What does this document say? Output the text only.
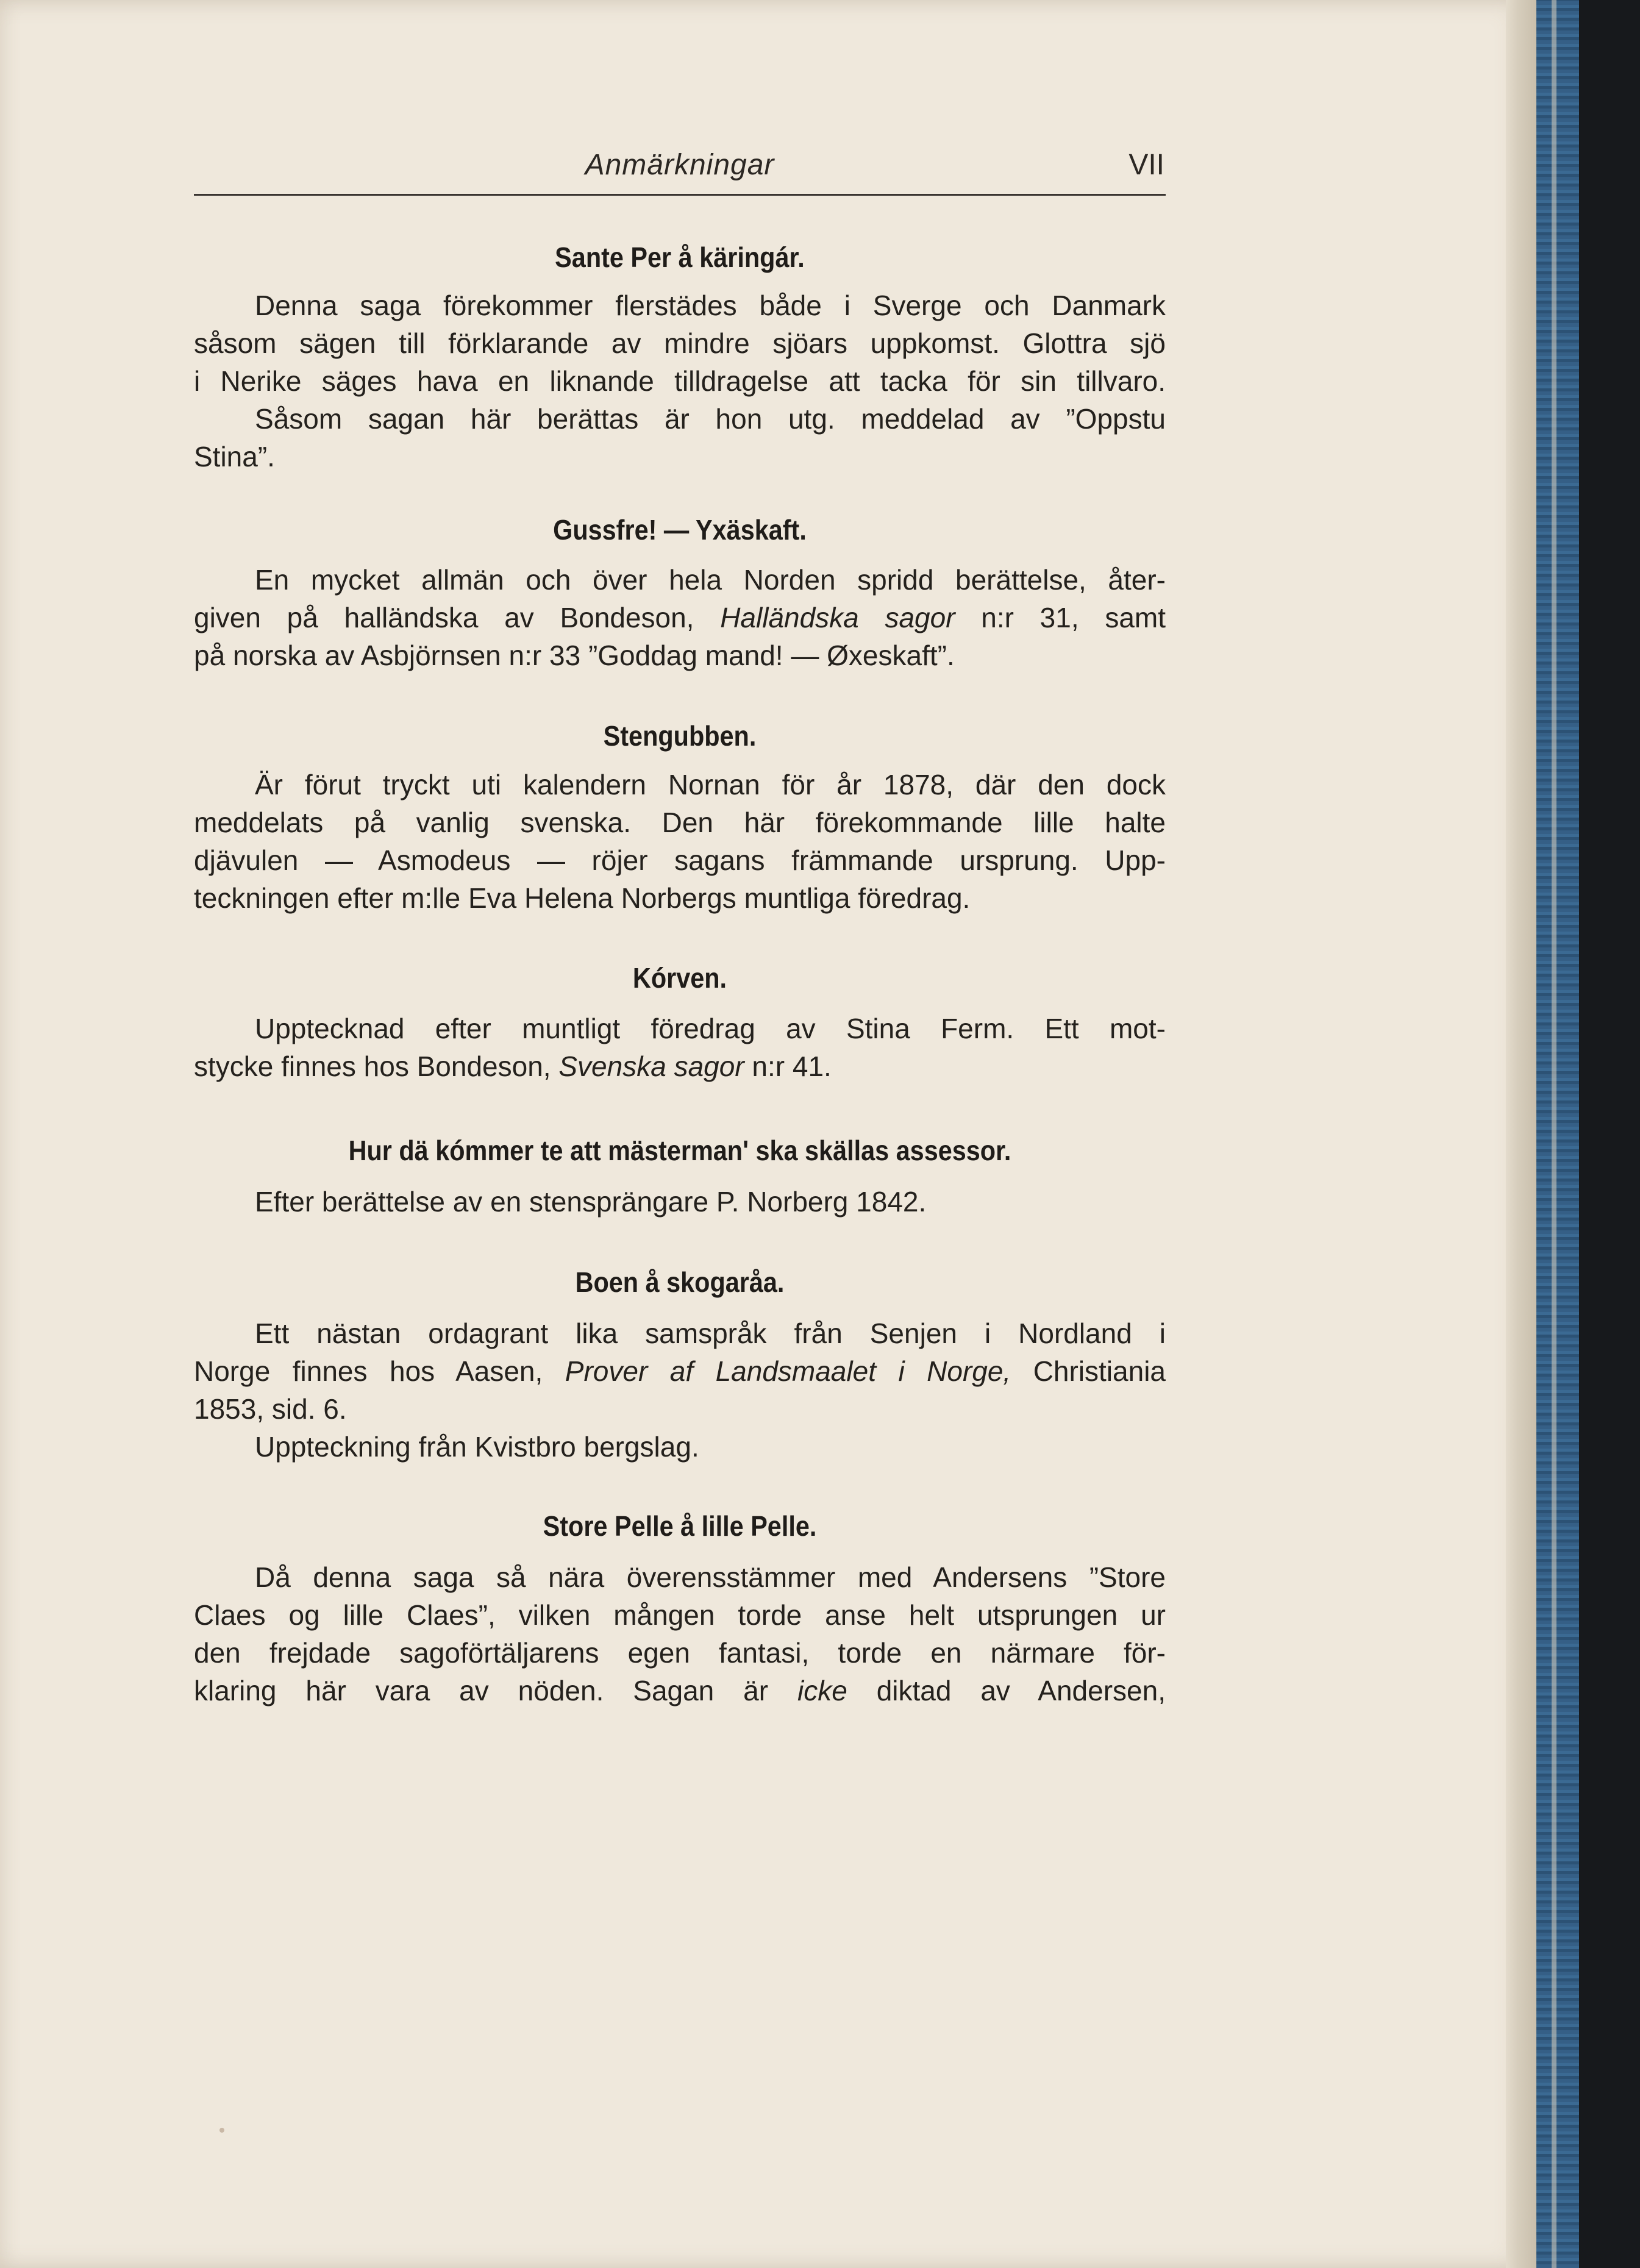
Anmärkningar	VII
Sante Per å käringár.
Denna saga förekommer flerstädes både i Sverge och Danmark
såsom sägen till förklarande av mindre sjöars uppkomst. Glottra sjö
i Nerike säges hava en liknande tilldragelse att tacka för sin tillvaro.
Såsom sagan här berättas är hon utg. meddelad av ”Oppstu
Stina”.
Gussfre! — Yxäskaft.
En mycket allmän och över hela Norden spridd berättelse, åter-
given på halländska av Bondeson, Halländska sagor n:r 31, samt
på norska av Asbjörnsen n:r 33 ”Goddag mand! — Øxeskaft”.
Stengubben.
Är förut tryckt uti kalendern Nornan för år 1878, där den dock
meddelats på vanlig svenska. Den här förekommande lille halte
djävulen — Asmodeus — röjer sagans främmande ursprung. Upp-
teckningen efter m:lle Eva Helena Norbergs muntliga föredrag.
Kórven.
Upptecknad efter muntligt föredrag av Stina Ferm. Ett mot-
stycke finnes hos Bondeson, Svenska sagor n:r 41.
Hur dä kómmer te att mästerman' ska skällas assessor.
Efter berättelse av en stensprängare P. Norberg 1842.
Boen å skogaråa.
Ett nästan ordagrant lika samspråk från Senjen i Nordland i
Norge finnes hos Aasen, Prover af Landsmaalet i Norge, Christiania
1853, sid. 6.
Uppteckning från Kvistbro bergslag.
Store Pelle å lille Pelle.
Då denna saga så nära överensstämmer med Andersens ”Store
Claes og lille Claes”, vilken mången torde anse helt utsprungen ur
den frejdade sagoförtäljarens egen fantasi, torde en närmare för-
klaring här vara av nöden. Sagan är icke diktad av Andersen,
